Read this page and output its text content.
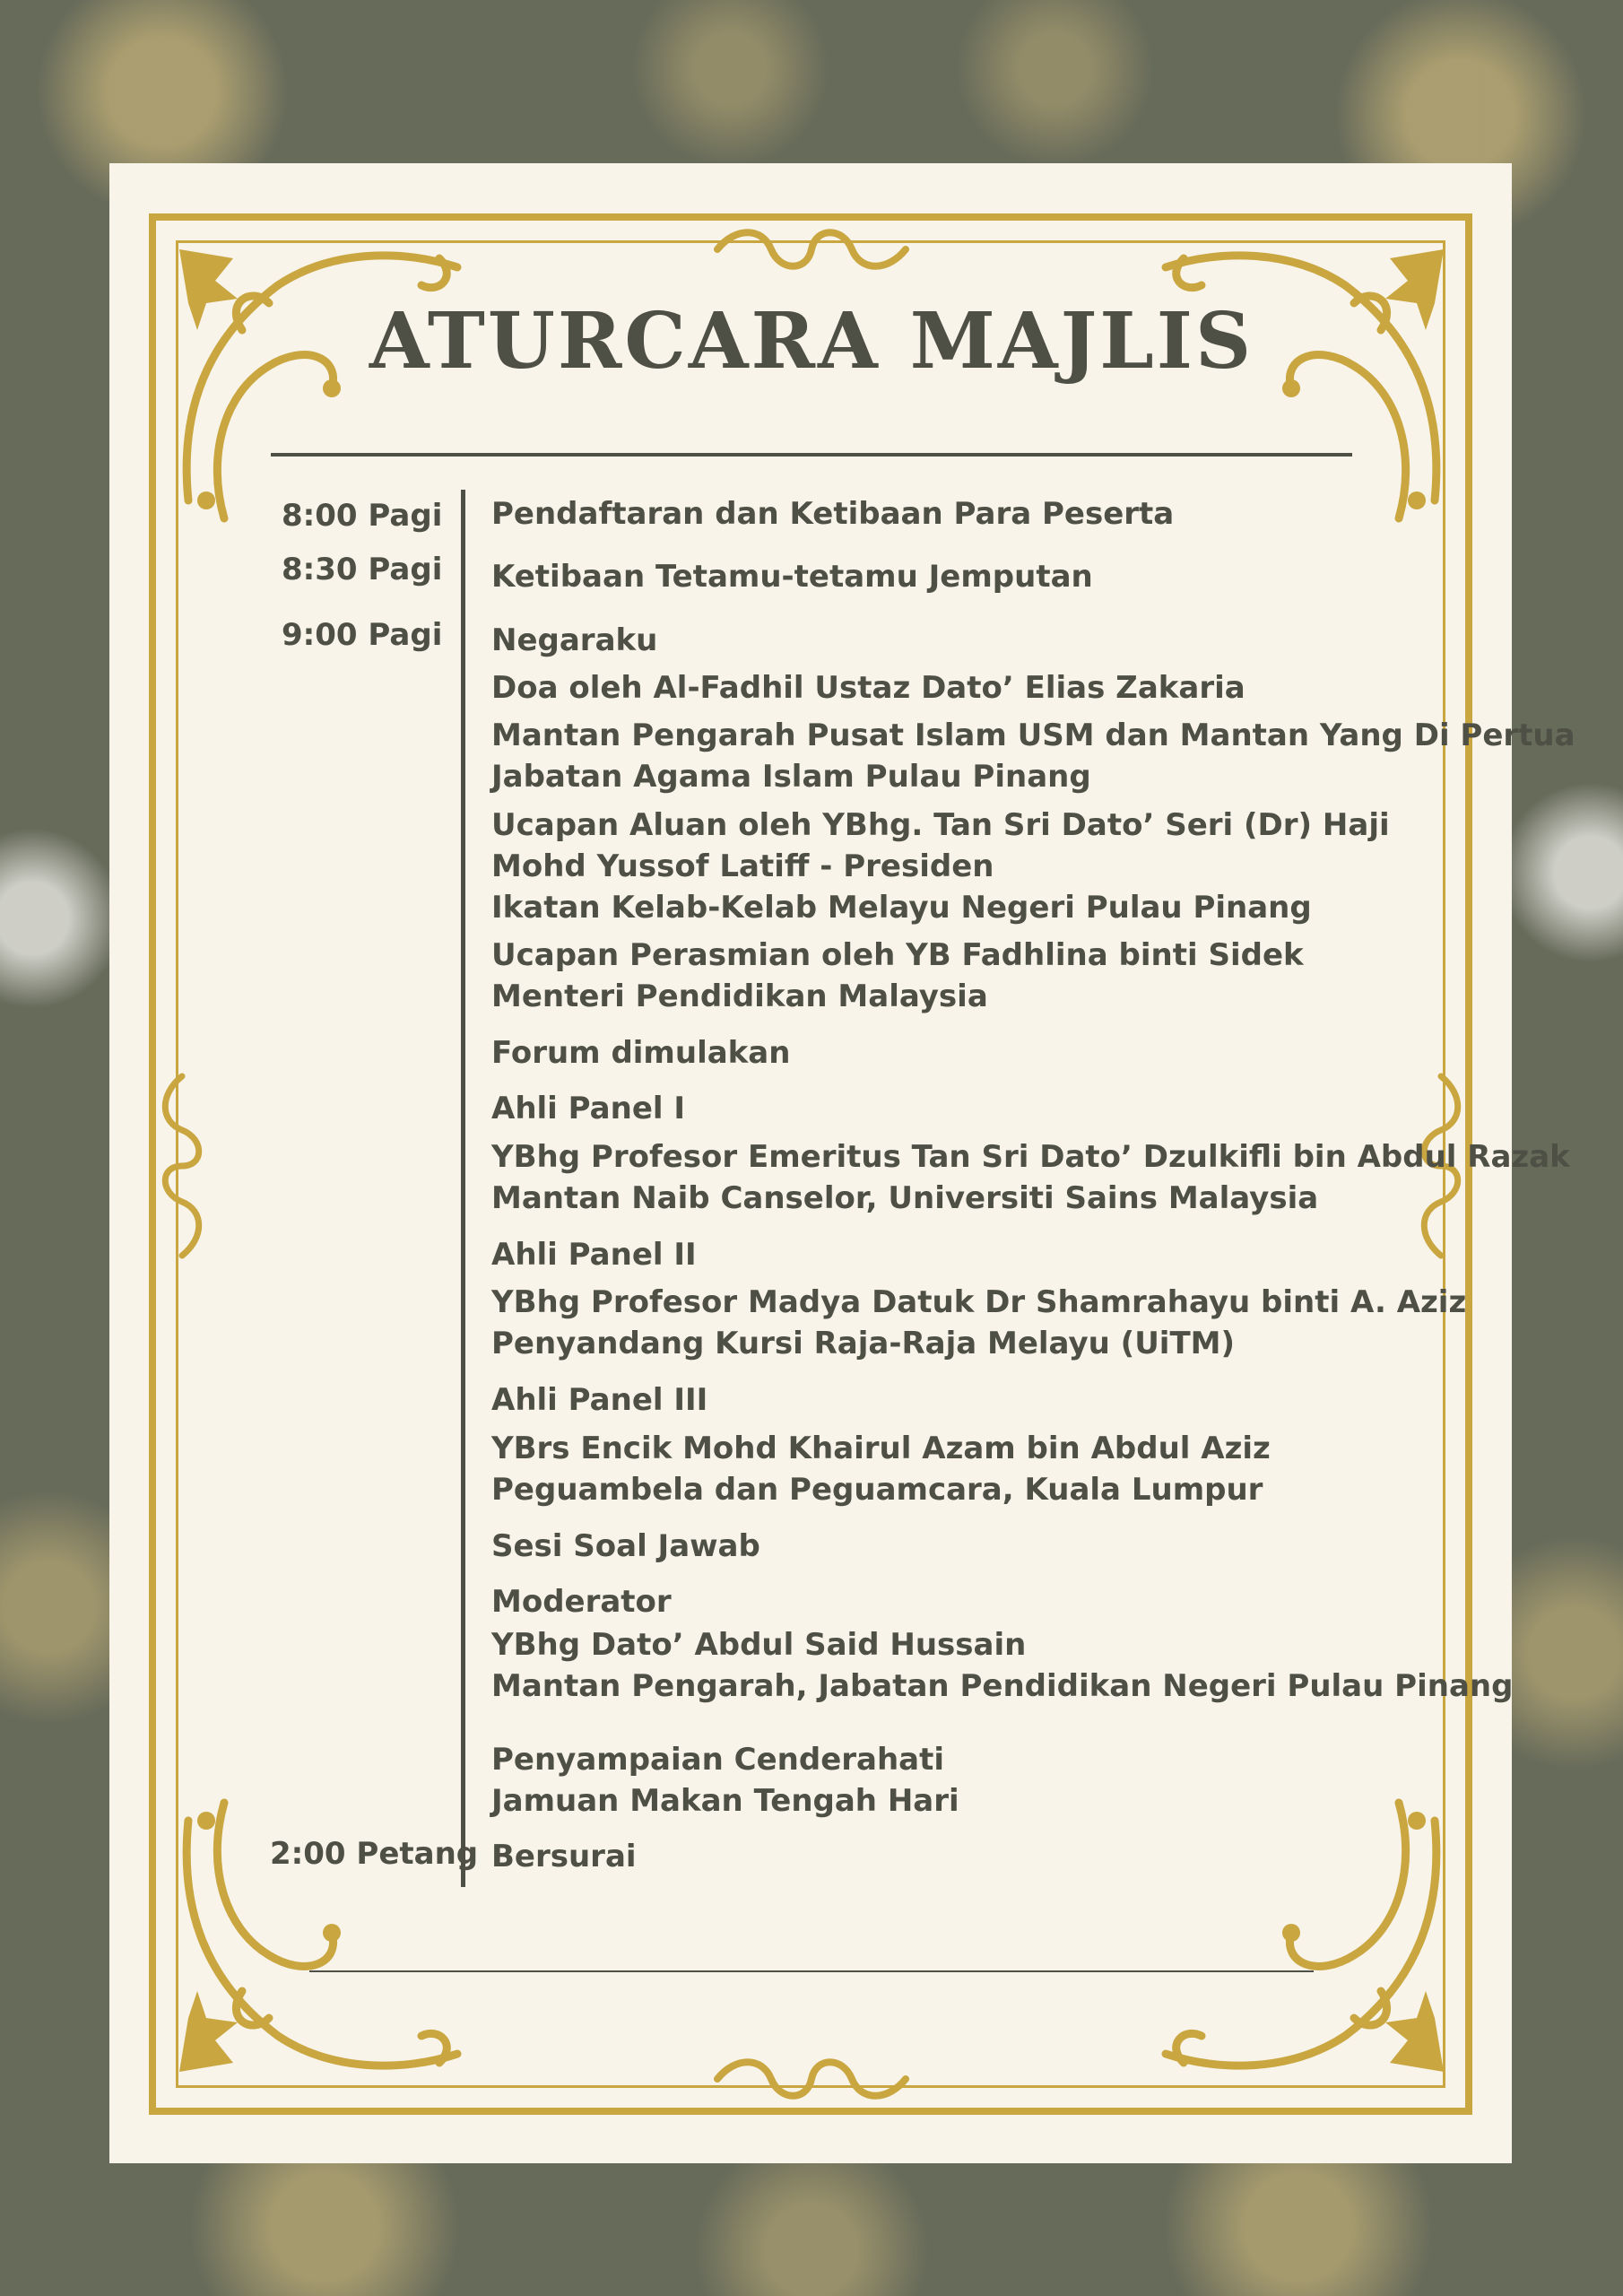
ATURCARA MAJLIS
8:00 Pagi
8:30 Pagi
9:00 Pagi
2:00 Petang
Pendaftaran dan Ketibaan Para Peserta
Ketibaan Tetamu-tetamu Jemputan
Negaraku
Doa oleh Al-Fadhil Ustaz Dato’ Elias Zakaria
Mantan Pengarah Pusat Islam USM dan Mantan Yang Di Pertua
Jabatan Agama Islam Pulau Pinang
Ucapan Aluan oleh YBhg. Tan Sri Dato’ Seri (Dr) Haji
Mohd Yussof Latiff - Presiden
Ikatan Kelab-Kelab Melayu Negeri Pulau Pinang
Ucapan Perasmian oleh YB Fadhlina binti Sidek
Menteri Pendidikan Malaysia
Forum dimulakan
Ahli Panel I
YBhg Profesor Emeritus Tan Sri Dato’ Dzulkifli bin Abdul Razak
Mantan Naib Canselor, Universiti Sains Malaysia
Ahli Panel II
YBhg Profesor Madya Datuk Dr Shamrahayu binti A. Aziz
Penyandang Kursi Raja-Raja Melayu (UiTM)
Ahli Panel III
YBrs Encik Mohd Khairul Azam bin Abdul Aziz
Peguambela dan Peguamcara, Kuala Lumpur
Sesi Soal Jawab
Moderator
YBhg Dato’ Abdul Said Hussain
Mantan Pengarah, Jabatan Pendidikan Negeri Pulau Pinang
Penyampaian Cenderahati
Jamuan Makan Tengah Hari
Bersurai
